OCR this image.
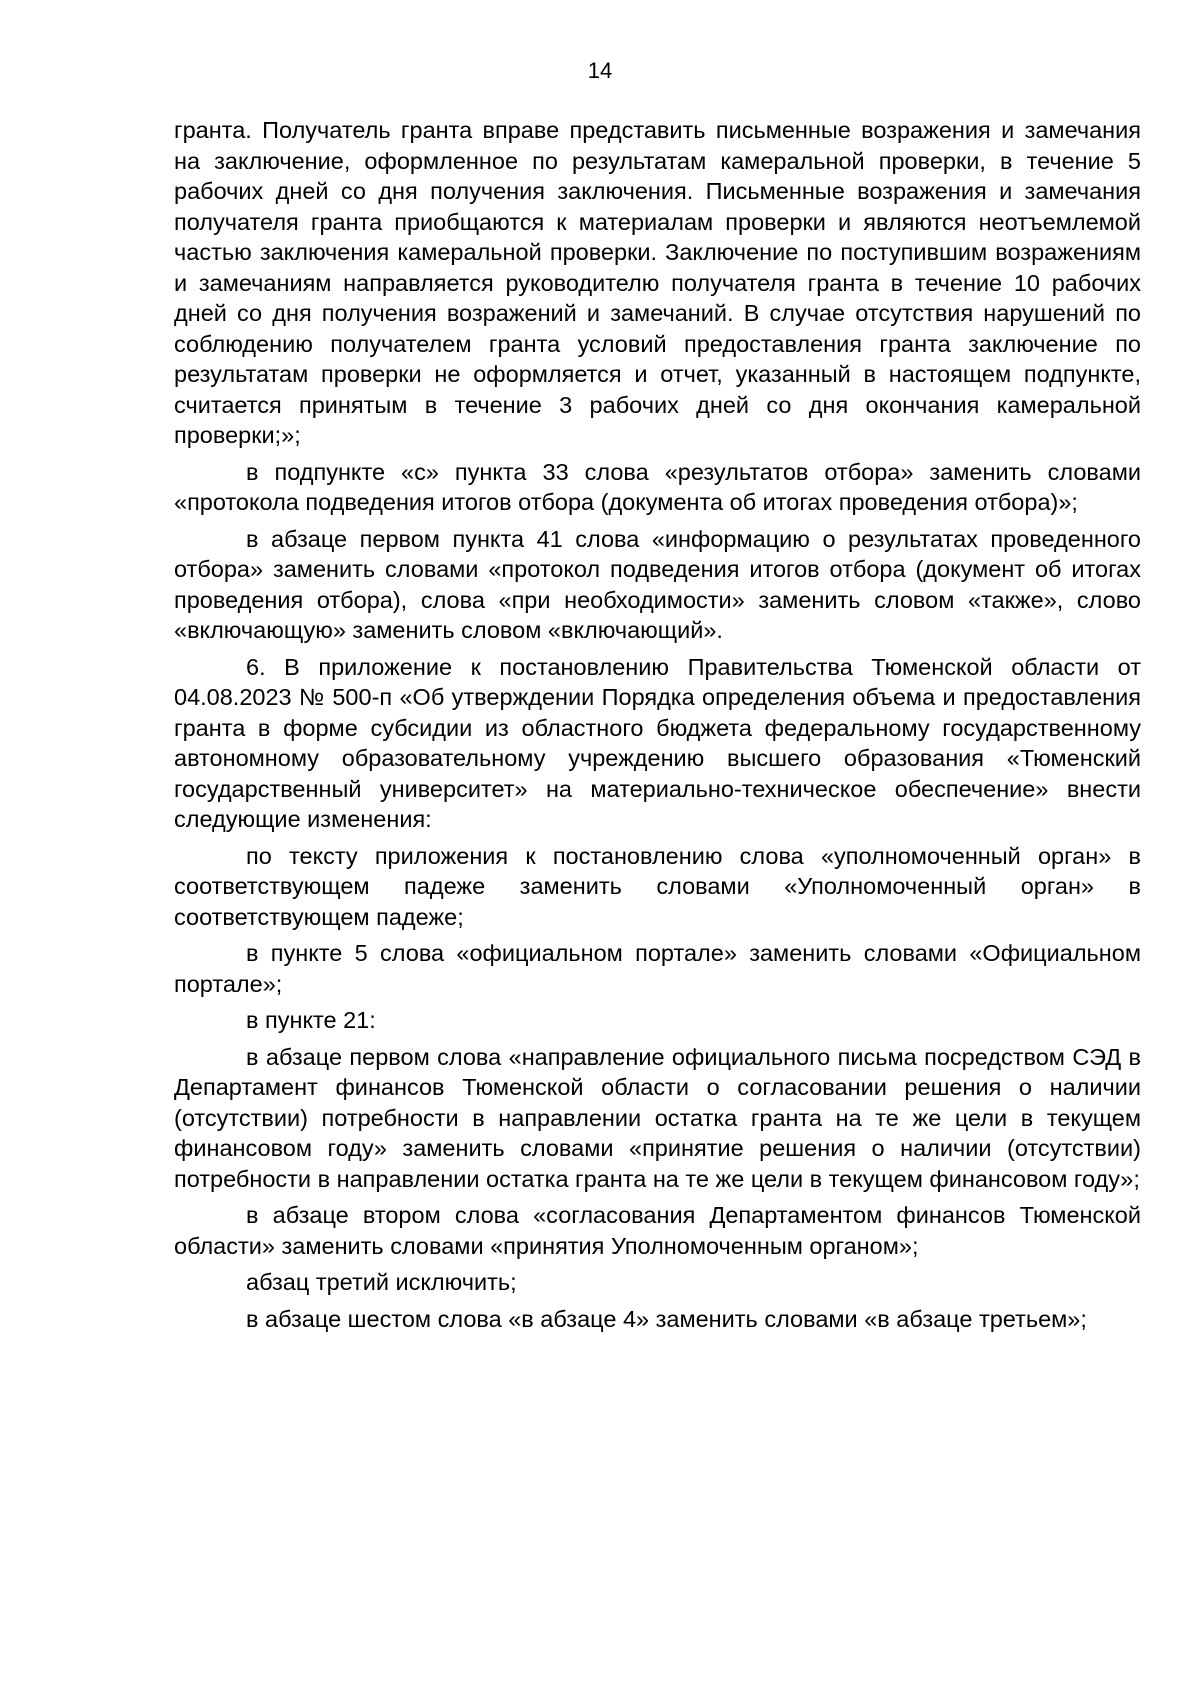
14

гранта. Получатель гранта вправе представить письменные возражения и замечания на заключение, оформленное по результатам камеральной проверки, в течение 5 рабочих дней со дня получения заключения. Письменные возражения и замечания получателя гранта приобщаются к материалам проверки и являются неотъемлемой частью заключения камеральной проверки. Заключение по поступившим возражениям и замечаниям направляется руководителю получателя гранта в течение 10 рабочих дней со дня получения возражений и замечаний. В случае отсутствия нарушений по соблюдению получателем гранта условий предоставления гранта заключение по результатам проверки не оформляется и отчет, указанный в настоящем подпункте, считается принятым в течение 3 рабочих дней со дня окончания камеральной проверки;»;

в подпункте «с» пункта 33 слова «результатов отбора» заменить словами «протокола подведения итогов отбора (документа об итогах проведения отбора)»;

в абзаце первом пункта 41 слова «информацию о результатах проведенного отбора» заменить словами «протокол подведения итогов отбора (документ об итогах проведения отбора), слова «при необходимости» заменить словом «также», слово «включающую» заменить словом «включающий».

6. В приложение к постановлению Правительства Тюменской области от 04.08.2023 № 500-п «Об утверждении Порядка определения объема и предоставления гранта в форме субсидии из областного бюджета федеральному государственному автономному образовательному учреждению высшего образования «Тюменский государственный университет» на материально-техническое обеспечение» внести следующие изменения:

по тексту приложения к постановлению слова «уполномоченный орган» в соответствующем падеже заменить словами «Уполномоченный орган» в соответствующем падеже;

в пункте 5 слова «официальном портале» заменить словами «Официальном портале»;

в пункте 21:

в абзаце первом слова «направление официального письма посредством СЭД в Департамент финансов Тюменской области о согласовании решения о наличии (отсутствии) потребности в направлении остатка гранта на те же цели в текущем финансовом году» заменить словами «принятие решения о наличии (отсутствии) потребности в направлении остатка гранта на те же цели в текущем финансовом году»;

в абзаце втором слова «согласования Департаментом финансов Тюменской области» заменить словами «принятия Уполномоченным органом»;

абзац третий исключить;

в абзаце шестом слова «в абзаце 4» заменить словами «в абзаце третьем»;
